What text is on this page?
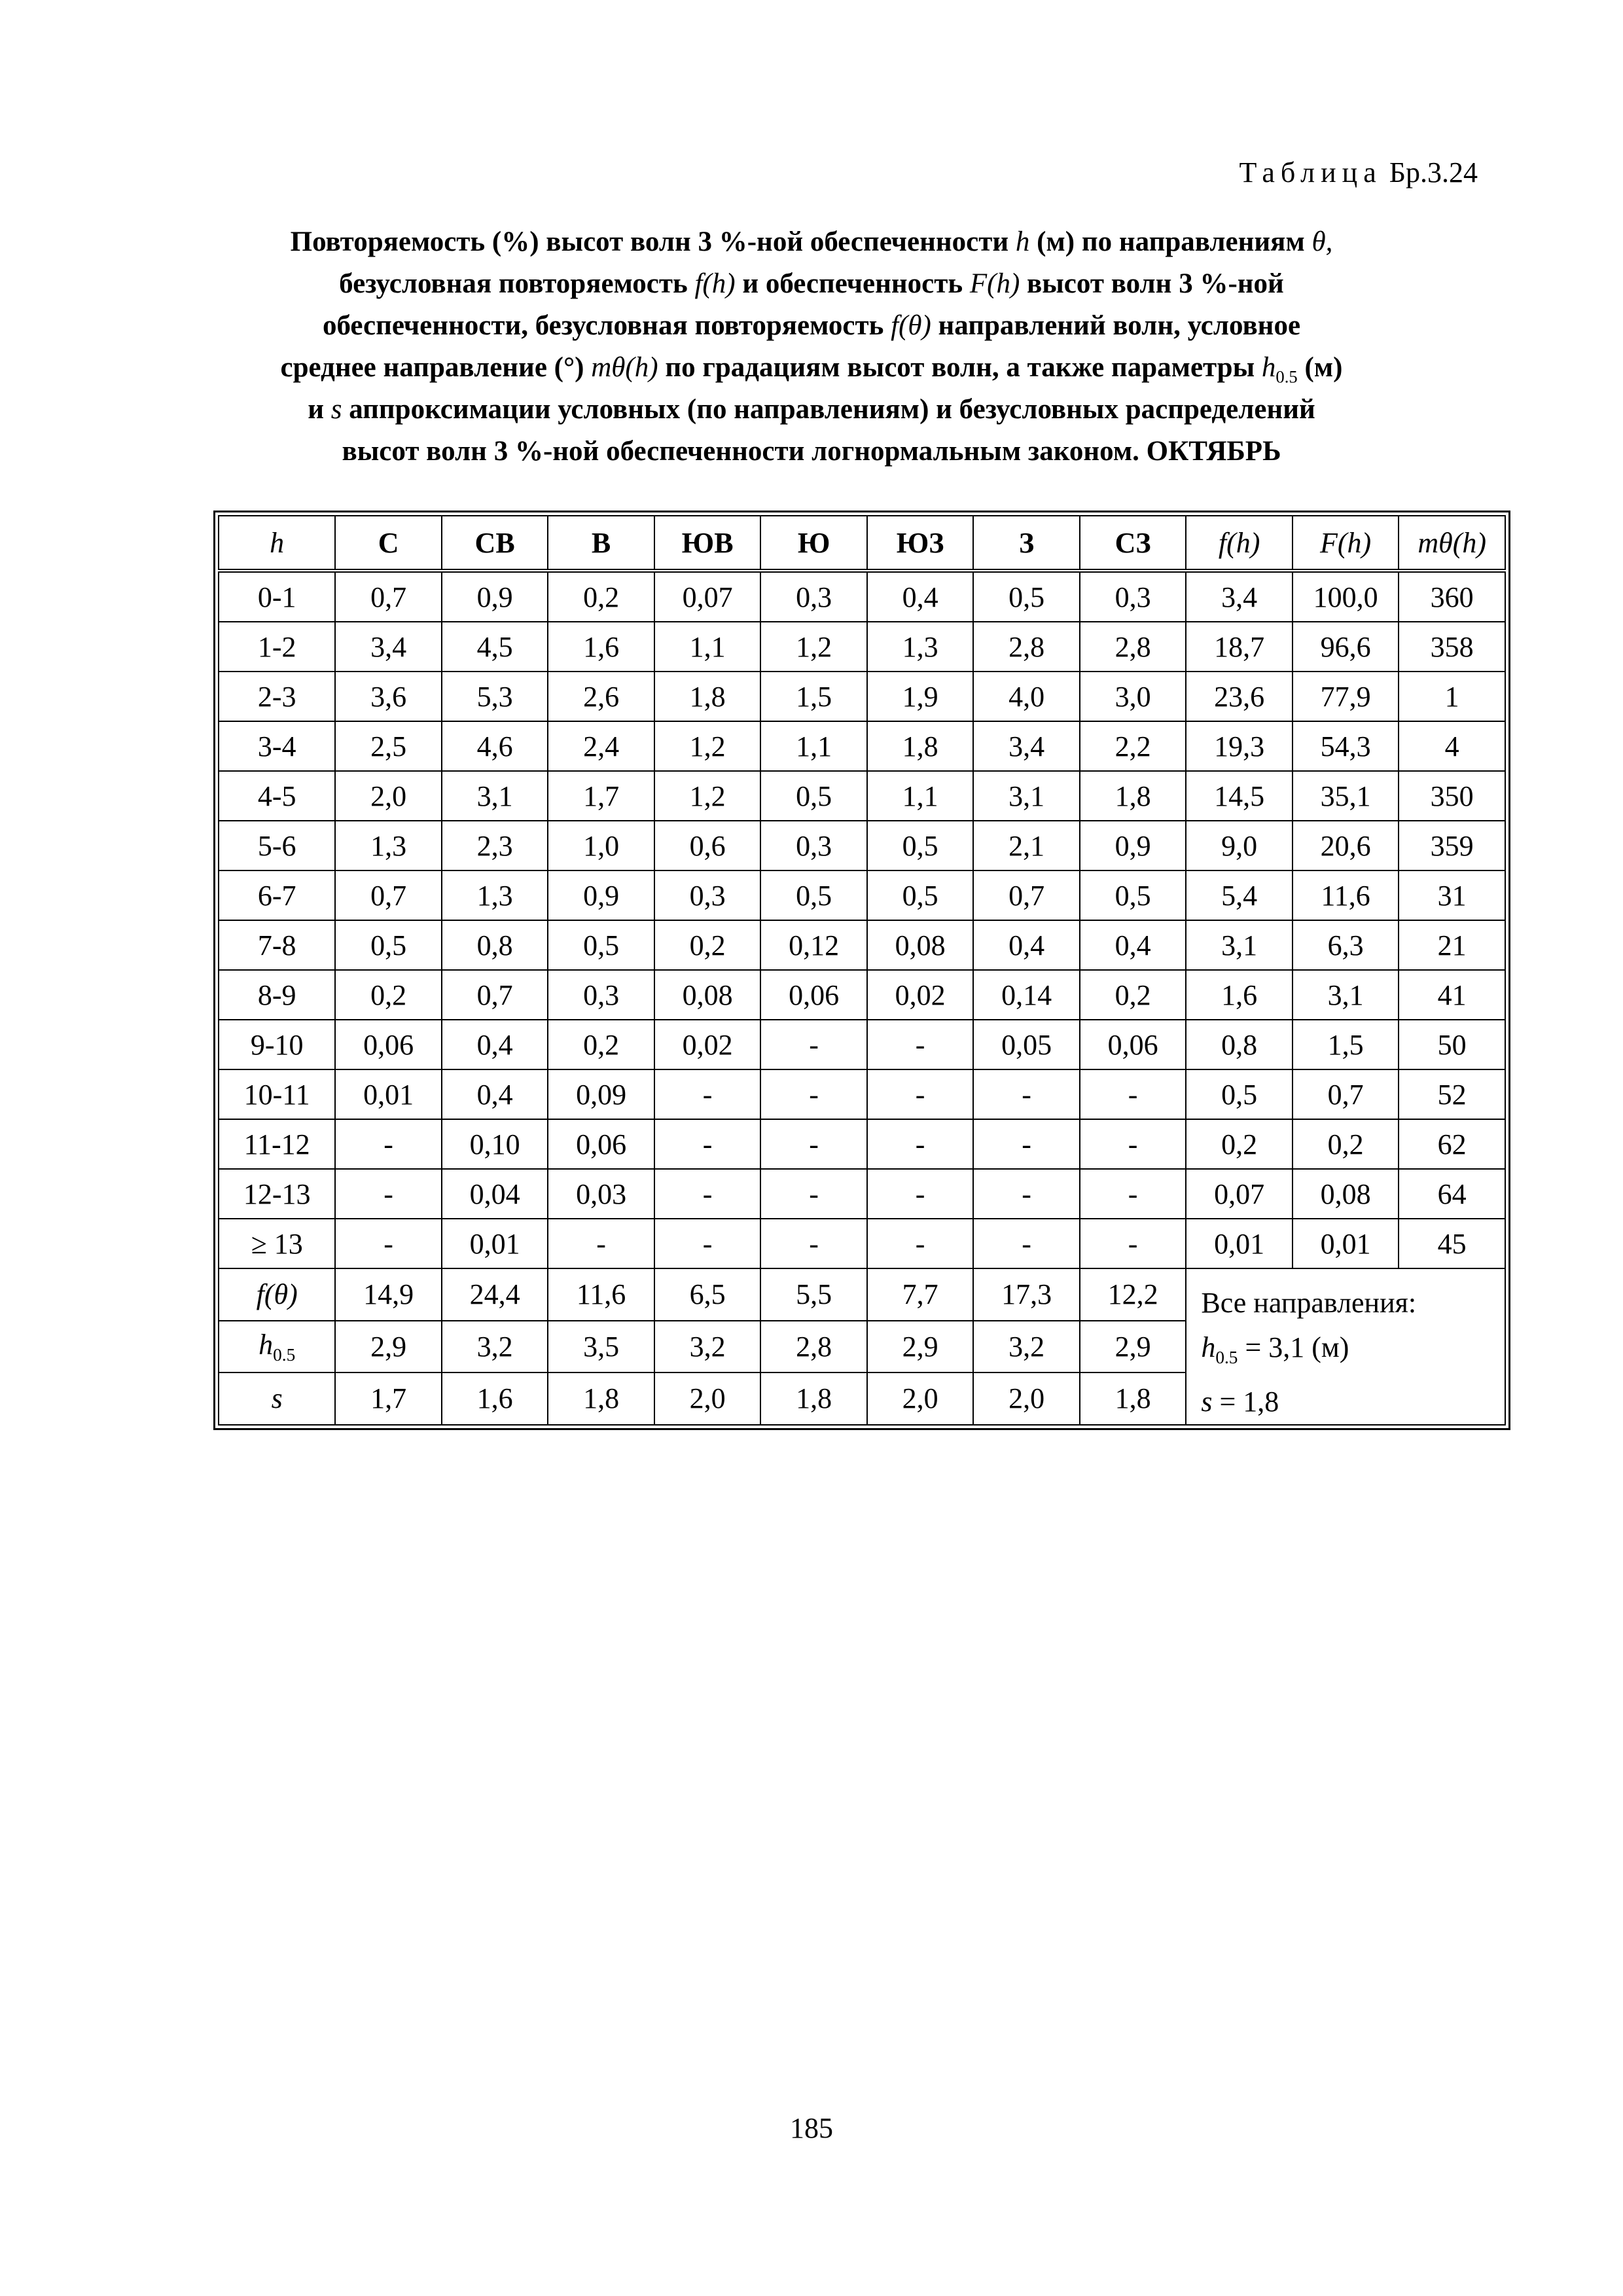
Таблица Бр.3.24
Повторяемость (%) высот волн 3 %-ной обеспеченности h (м) по направлениям θ,
безусловная повторяемость f(h) и обеспеченность F(h) высот волн 3 %-ной
обеспеченности, безусловная повторяемость f(θ) направлений волн, условное
среднее направление (°) mθ(h) по градациям высот волн, а также параметры $h_{0.5}$ (м)
и s аппроксимации условных (по направлениям) и безусловных распределений
высот волн 3 %-ной обеспеченности логнормальным законом. ОКТЯБРЬ
h	С	СВ	В	ЮВ	Ю	ЮЗ	З	СЗ	f(h)	F(h)	mθ(h)
0-1	0,7	0,9	0,2	0,07	0,3	0,4	0,5	0,3	3,4	100,0	360
1-2	3,4	4,5	1,6	1,1	1,2	1,3	2,8	2,8	18,7	96,6	358
2-3	3,6	5,3	2,6	1,8	1,5	1,9	4,0	3,0	23,6	77,9	1
3-4	2,5	4,6	2,4	1,2	1,1	1,8	3,4	2,2	19,3	54,3	4
4-5	2,0	3,1	1,7	1,2	0,5	1,1	3,1	1,8	14,5	35,1	350
5-6	1,3	2,3	1,0	0,6	0,3	0,5	2,1	0,9	9,0	20,6	359
6-7	0,7	1,3	0,9	0,3	0,5	0,5	0,7	0,5	5,4	11,6	31
7-8	0,5	0,8	0,5	0,2	0,12	0,08	0,4	0,4	3,1	6,3	21
8-9	0,2	0,7	0,3	0,08	0,06	0,02	0,14	0,2	1,6	3,1	41
9-10	0,06	0,4	0,2	0,02	-	-	0,05	0,06	0,8	1,5	50
10-11	0,01	0,4	0,09	-	-	-	-	-	0,5	0,7	52
11-12	-	0,10	0,06	-	-	-	-	-	0,2	0,2	62
12-13	-	0,04	0,03	-	-	-	-	-	0,07	0,08	64
≥ 13	-	0,01	-	-	-	-	-	-	0,01	0,01	45
f(θ)	14,9	24,4	11,6	6,5	5,5	7,7	17,3	12,2	Все направления:
$h_{0.5} = 3,1$ (м)
s = 1,8		

$h_{0.5}$	2,9	3,2	3,5	3,2	2,8	2,9	3,2	2,9			
s	1,7	1,6	1,8	2,0	1,8	2,0	2,0	1,8			
185
